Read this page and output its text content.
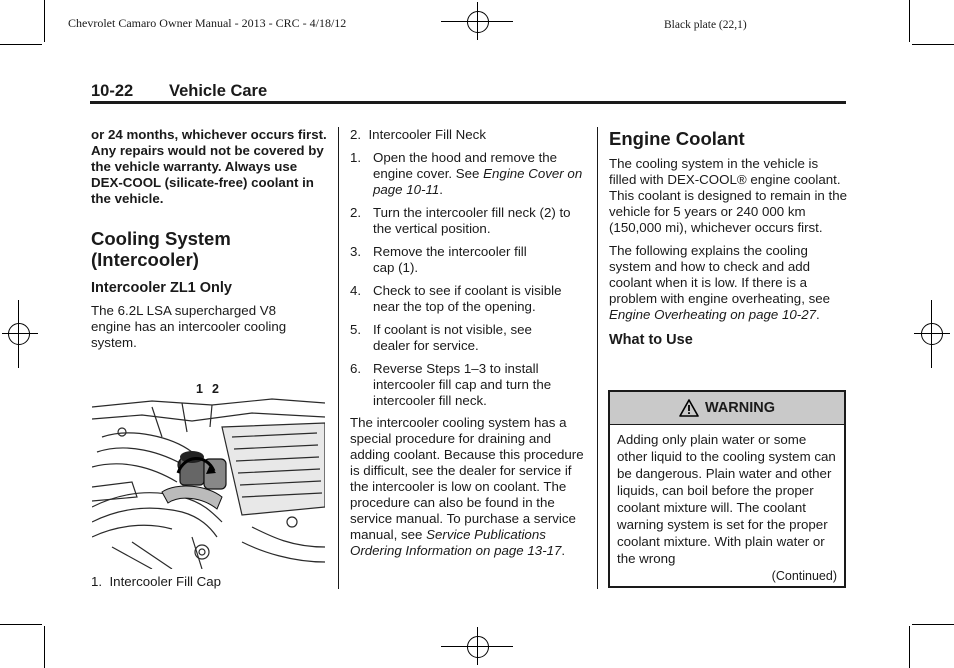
Chevrolet Camaro Owner Manual - 2013 - CRC - 4/18/12	Black plate (22,1)
10-22 Vehicle Care

or 24 months, whichever occurs first. Any repairs would not be covered by the vehicle warranty. Always use DEX-COOL (silicate-free) coolant in the vehicle.

Cooling System (Intercooler)
Intercooler ZL1 Only

The 6.2L LSA supercharged V8 engine has an intercooler cooling system.

1 2
1.  Intercooler Fill Cap

2.  Intercooler Fill Neck

1. Open the hood and remove the engine cover. See Engine Cover on page 10-11.
2. Turn the intercooler fill neck (2) to the vertical position.
3. Remove the intercooler fill cap (1).
4. Check to see if coolant is visible near the top of the opening.
5. If coolant is not visible, see dealer for service.
6. Reverse Steps 1–3 to install intercooler fill cap and turn the intercooler fill neck.

The intercooler cooling system has a special procedure for draining and adding coolant. Because this procedure is difficult, see the dealer for service if the intercooler is low on coolant. The procedure can also be found in the service manual. To purchase a service manual, see Service Publications Ordering Information on page 13-17.

Engine Coolant

The cooling system in the vehicle is filled with DEX-COOL® engine coolant. This coolant is designed to remain in the vehicle for 5 years or 240 000 km (150,000 mi), whichever occurs first.

The following explains the cooling system and how to check and add coolant when it is low. If there is a problem with engine overheating, see Engine Overheating on page 10-27.

What to Use
WARNING
Adding only plain water or some other liquid to the cooling system can be dangerous. Plain water and other liquids, can boil before the proper coolant mixture will. The coolant warning system is set for the proper coolant mixture. With plain water or the wrong
(Continued)
